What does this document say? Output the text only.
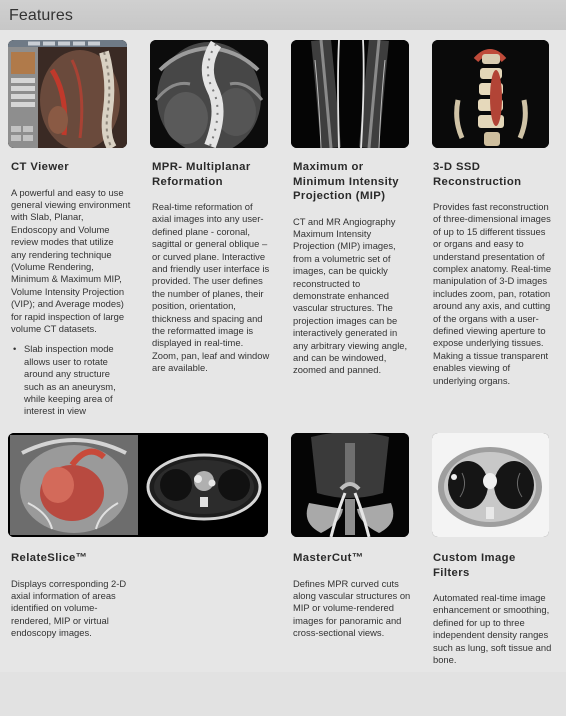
Features
CT Viewer

A powerful and easy to use general viewing environment with Slab, Planar, Endoscopy and Volume review modes that utilize any rendering technique (Volume Rendering, Minimum & Maximum MIP, Volume Intensity Projection (VIP); and Average modes) for rapid inspection of large volume CT datasets.

• Slab inspection mode allows user to rotate around any structure such as an aneurysm, while keeping area of interest in view
MPR- Multiplanar Reformation

Real-time reformation of axial images into any user-defined plane - coronal, sagittal or general oblique – or curved plane. Interactive and friendly user interface is provided. The user defines the number of planes, their position, orientation, thickness and spacing and the reformatted image is displayed in real-time. Zoom, pan, leaf and window are available.

Maximum or Minimum Intensity Projection (MIP)

CT and MR Angiography Maximum Intensity Projection (MIP) images, from a volumetric set of images, can be quickly reconstructed to demonstrate enhanced vascular structures. The projection images can be interactively generated in any arbitrary viewing angle, and can be windowed, zoomed and panned.

3-D SSD Reconstruction

Provides fast reconstruction of three-dimensional images of up to 15 different tissues or organs and easy to understand presentation of complex anatomy. Real-time manipulation of 3-D images includes zoom, pan, rotation around any axis, and cutting of the organs with a user-defined viewing aperture to expose underlying tissues. Making a tissue transparent enables viewing of underlying organs.

RelateSlice™

Displays corresponding 2-D axial information of areas identified on volume-rendered, MIP or virtual endoscopy images.

MasterCut™

Defines MPR curved cuts along vascular structures on MIP or volume-rendered images for panoramic and cross-sectional views.

Custom Image Filters

Automated real-time image enhancement or smoothing, defined for up to three independent density ranges such as lung, soft tissue and bone.
